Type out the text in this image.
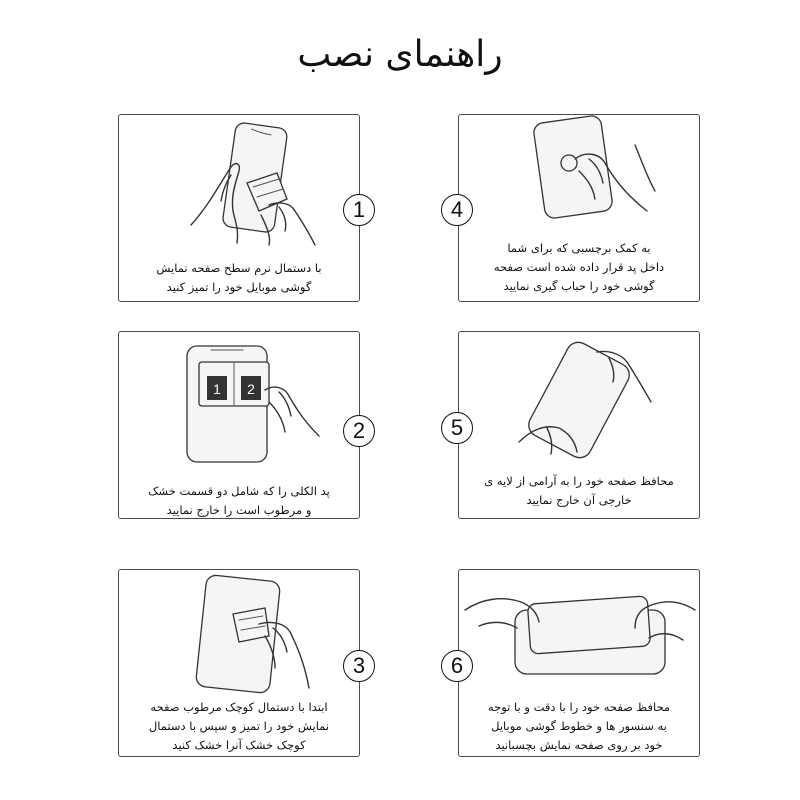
راهنمای نصب
1
با دستمال نرم سطح صفحه نمایش
گوشی موبایل خود را تمیز کنید
1 2
2
پد الکلی را که شامل دو قسمت خشک
و مرطوب است را خارج نمایید
3
ابتدا با دستمال کوچک مرطوب صفحه
نمایش خود را تمیز و سپس با دستمال
کوچک خشک آنرا خشک کنید
4
به کمک برچسبی که برای شما
داخل پد قرار داده شده است صفحه
گوشی خود را حباب گیری نمایید
5
محافظ صفحه خود را به آرامی از لایه ی
خارجی آن خارج نمایید
6
محافظ صفحه خود را با دقت و با توجه
به سنسور ها و خطوط گوشی موبایل
خود بر روی صفحه نمایش بچسبانید
